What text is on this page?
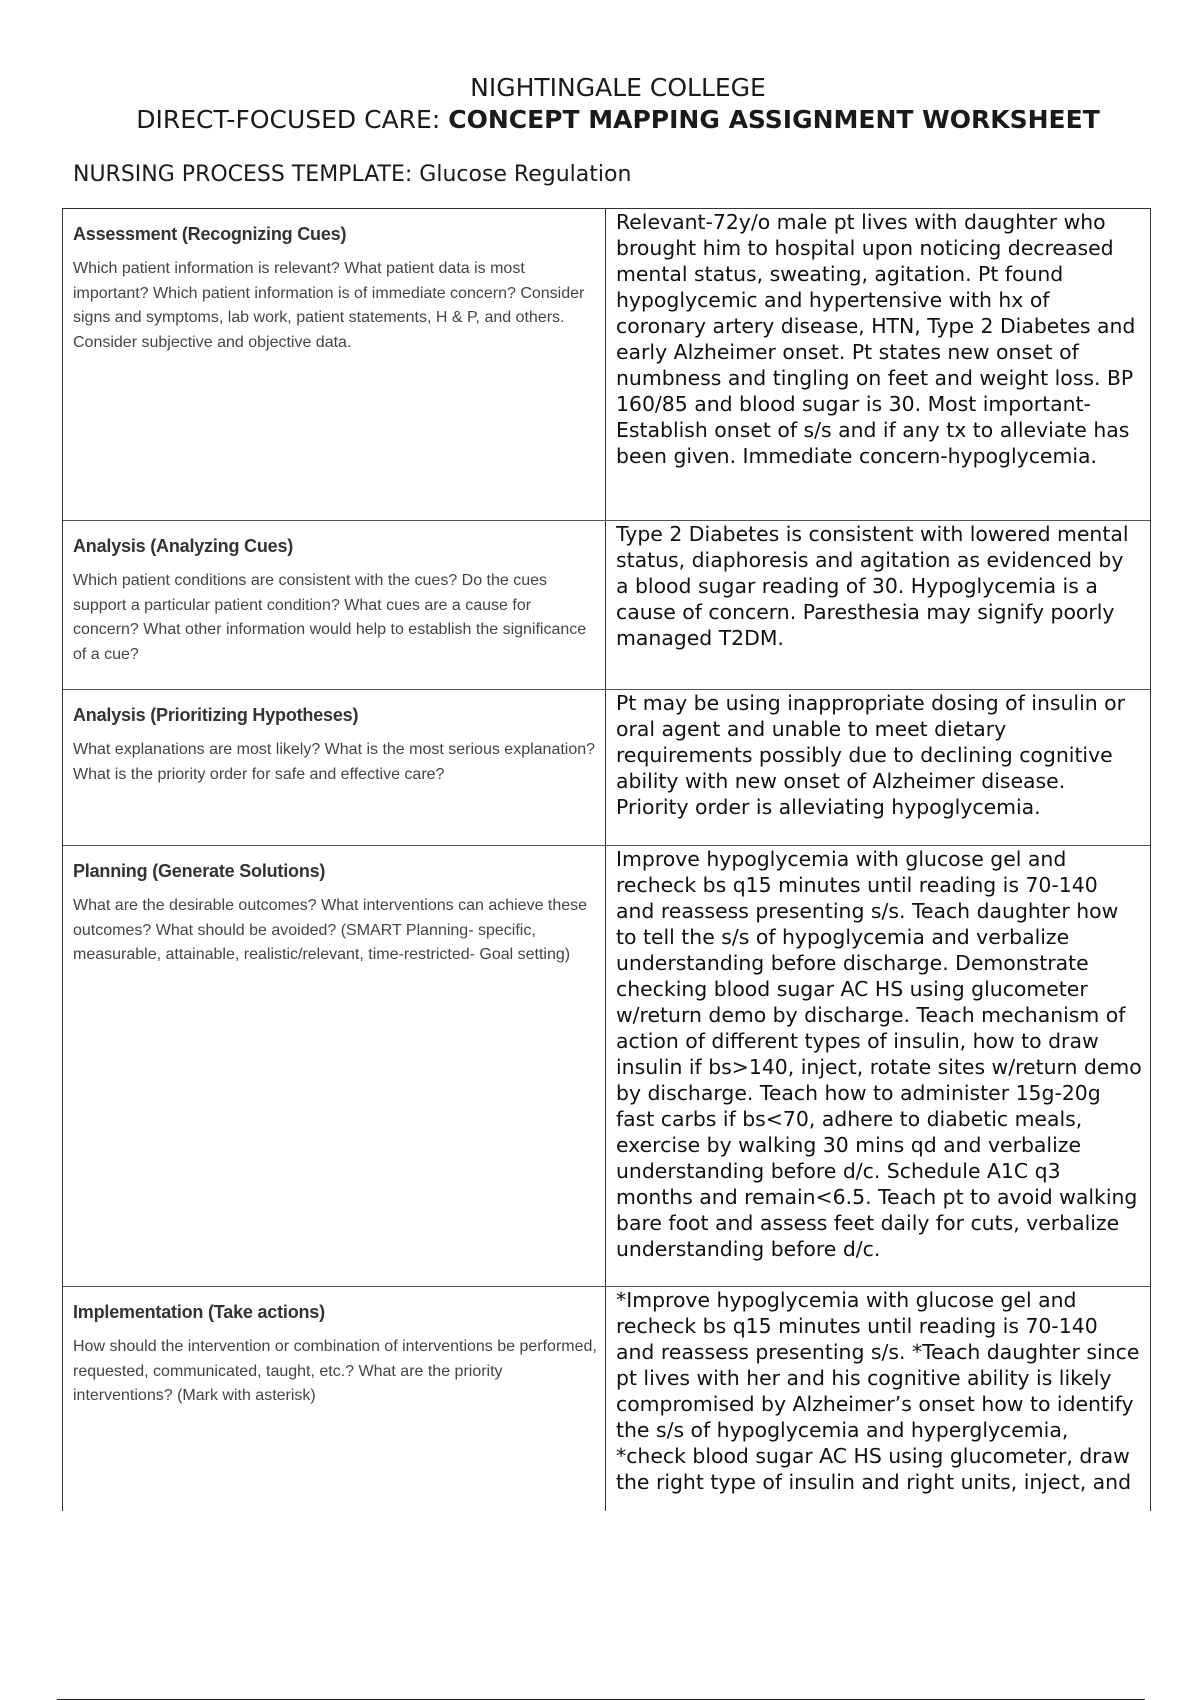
NIGHTINGALE COLLEGE
DIRECT-FOCUSED CARE: CONCEPT MAPPING ASSIGNMENT WORKSHEET
NURSING PROCESS TEMPLATE: Glucose Regulation
Assessment (Recognizing Cues)
Which patient information is relevant? What patient data is most important? Which patient information is of immediate concern? Consider signs and symptoms, lab work, patient statements, H & P, and others. Consider subjective and objective data.
Relevant-72y/o male pt lives with daughter who brought him to hospital upon noticing decreased mental status, sweating, agitation. Pt found hypoglycemic and hypertensive with hx of coronary artery disease, HTN, Type 2 Diabetes and early Alzheimer onset. Pt states new onset of numbness and tingling on feet and weight loss. BP 160/85 and blood sugar is 30. Most important-Establish onset of s/s and if any tx to alleviate has been given. Immediate concern-hypoglycemia.
Analysis (Analyzing Cues)
Which patient conditions are consistent with the cues? Do the cues support a particular patient condition? What cues are a cause for concern? What other information would help to establish the significance of a cue?
Type 2 Diabetes is consistent with lowered mental status, diaphoresis and agitation as evidenced by a blood sugar reading of 30. Hypoglycemia is a cause of concern. Paresthesia may signify poorly managed T2DM.
Analysis (Prioritizing Hypotheses)
What explanations are most likely? What is the most serious explanation? What is the priority order for safe and effective care?
Pt may be using inappropriate dosing of insulin or oral agent and unable to meet dietary requirements possibly due to declining cognitive ability with new onset of Alzheimer disease. Priority order is alleviating hypoglycemia.
Planning (Generate Solutions)
What are the desirable outcomes? What interventions can achieve these outcomes? What should be avoided? (SMART Planning- specific, measurable, attainable, realistic/relevant, time-restricted- Goal setting)
Improve hypoglycemia with glucose gel and recheck bs q15 minutes until reading is 70-140 and reassess presenting s/s. Teach daughter how to tell the s/s of hypoglycemia and verbalize understanding before discharge. Demonstrate checking blood sugar AC HS using glucometer w/return demo by discharge. Teach mechanism of action of different types of insulin, how to draw insulin if bs>140, inject, rotate sites w/return demo by discharge. Teach how to administer 15g-20g fast carbs if bs<70, adhere to diabetic meals, exercise by walking 30 mins qd and verbalize understanding before d/c. Schedule A1C q3 months and remain<6.5. Teach pt to avoid walking bare foot and assess feet daily for cuts, verbalize understanding before d/c.
Implementation (Take actions)
How should the intervention or combination of interventions be performed, requested, communicated, taught, etc.? What are the priority interventions? (Mark with asterisk)
*Improve hypoglycemia with glucose gel and recheck bs q15 minutes until reading is 70-140 and reassess presenting s/s. *Teach daughter since pt lives with her and his cognitive ability is likely compromised by Alzheimer’s onset how to identify the s/s of hypoglycemia and hyperglycemia, *check blood sugar AC HS using glucometer, draw the right type of insulin and right units, inject, and
